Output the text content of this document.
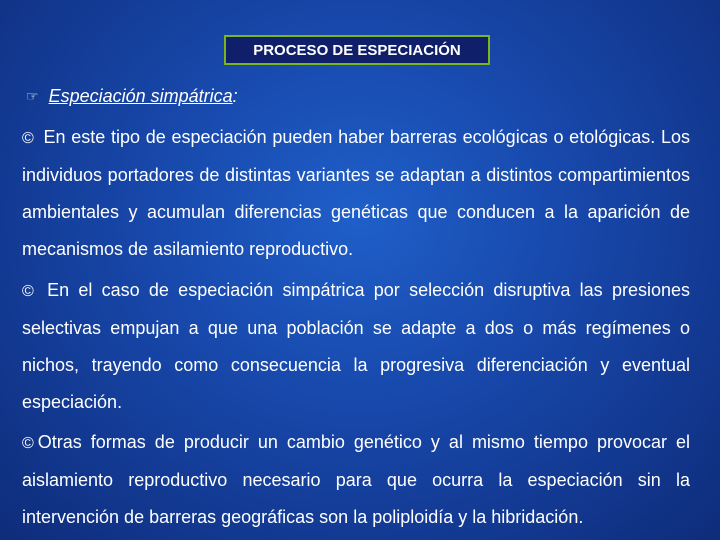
PROCESO DE ESPECIACIÓN
☞ Especiación simpátrica :
© En este tipo de especiación pueden haber barreras ecológicas o etológicas. Los individuos portadores de distintas variantes se adaptan a distintos compartimientos ambientales y acumulan diferencias genéticas que conducen a la aparición de mecanismos de asilamiento reproductivo.
© En el caso de especiación simpátrica por selección disruptiva las presiones selectivas empujan a que una población se adapte a dos o más regímenes o nichos, trayendo como consecuencia la progresiva diferenciación y eventual especiación.
© Otras formas de producir un cambio genético y al mismo tiempo provocar el aislamiento reproductivo necesario para que ocurra la especiación sin la intervención de barreras geográficas son la poliploidía y la hibridación.
